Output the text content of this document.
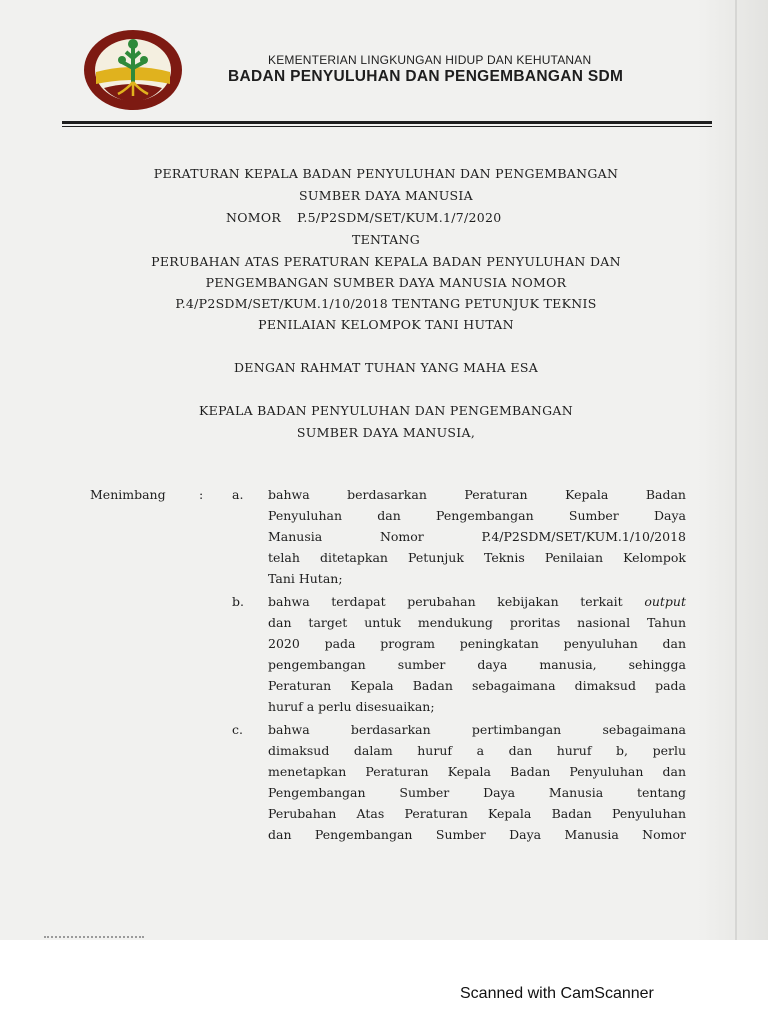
KEMENTERIAN LINGKUNGAN HIDUP DAN KEHUTANAN
BADAN PENYULUHAN DAN PENGEMBANGAN SDM
PERATURAN KEPALA BADAN PENYULUHAN DAN PENGEMBANGAN
SUMBER DAYA MANUSIA
NOMOR P.5/P2SDM/SET/KUM.1/7/2020
TENTANG
PERUBAHAN ATAS PERATURAN KEPALA BADAN PENYULUHAN DAN
PENGEMBANGAN SUMBER DAYA MANUSIA NOMOR
P.4/P2SDM/SET/KUM.1/10/2018 TENTANG PETUNJUK TEKNIS
PENILAIAN KELOMPOK TANI HUTAN
DENGAN RAHMAT TUHAN YANG MAHA ESA
KEPALA BADAN PENYULUHAN DAN PENGEMBANGAN
SUMBER DAYA MANUSIA,
Menimbang	: a. bahwa berdasarkan Peraturan Kepala Badan
Penyuluhan dan Pengembangan Sumber Daya
Manusia Nomor P.4/P2SDM/SET/KUM.1/10/2018
telah ditetapkan Petunjuk Teknis Penilaian Kelompok
Tani Hutan;
b. bahwa terdapat perubahan kebijakan terkait output
dan target untuk mendukung proritas nasional Tahun
2020 pada program peningkatan penyuluhan dan
pengembangan sumber daya manusia, sehingga
Peraturan Kepala Badan sebagaimana dimaksud pada
huruf a perlu disesuaikan;
c. bahwa berdasarkan pertimbangan sebagaimana
dimaksud dalam huruf a dan huruf b, perlu
menetapkan Peraturan Kepala Badan Penyuluhan dan
Pengembangan Sumber Daya Manusia tentang
Perubahan Atas Peraturan Kepala Badan Penyuluhan
dan Pengembangan Sumber Daya Manusia Nomor
Scanned with CamScanner
